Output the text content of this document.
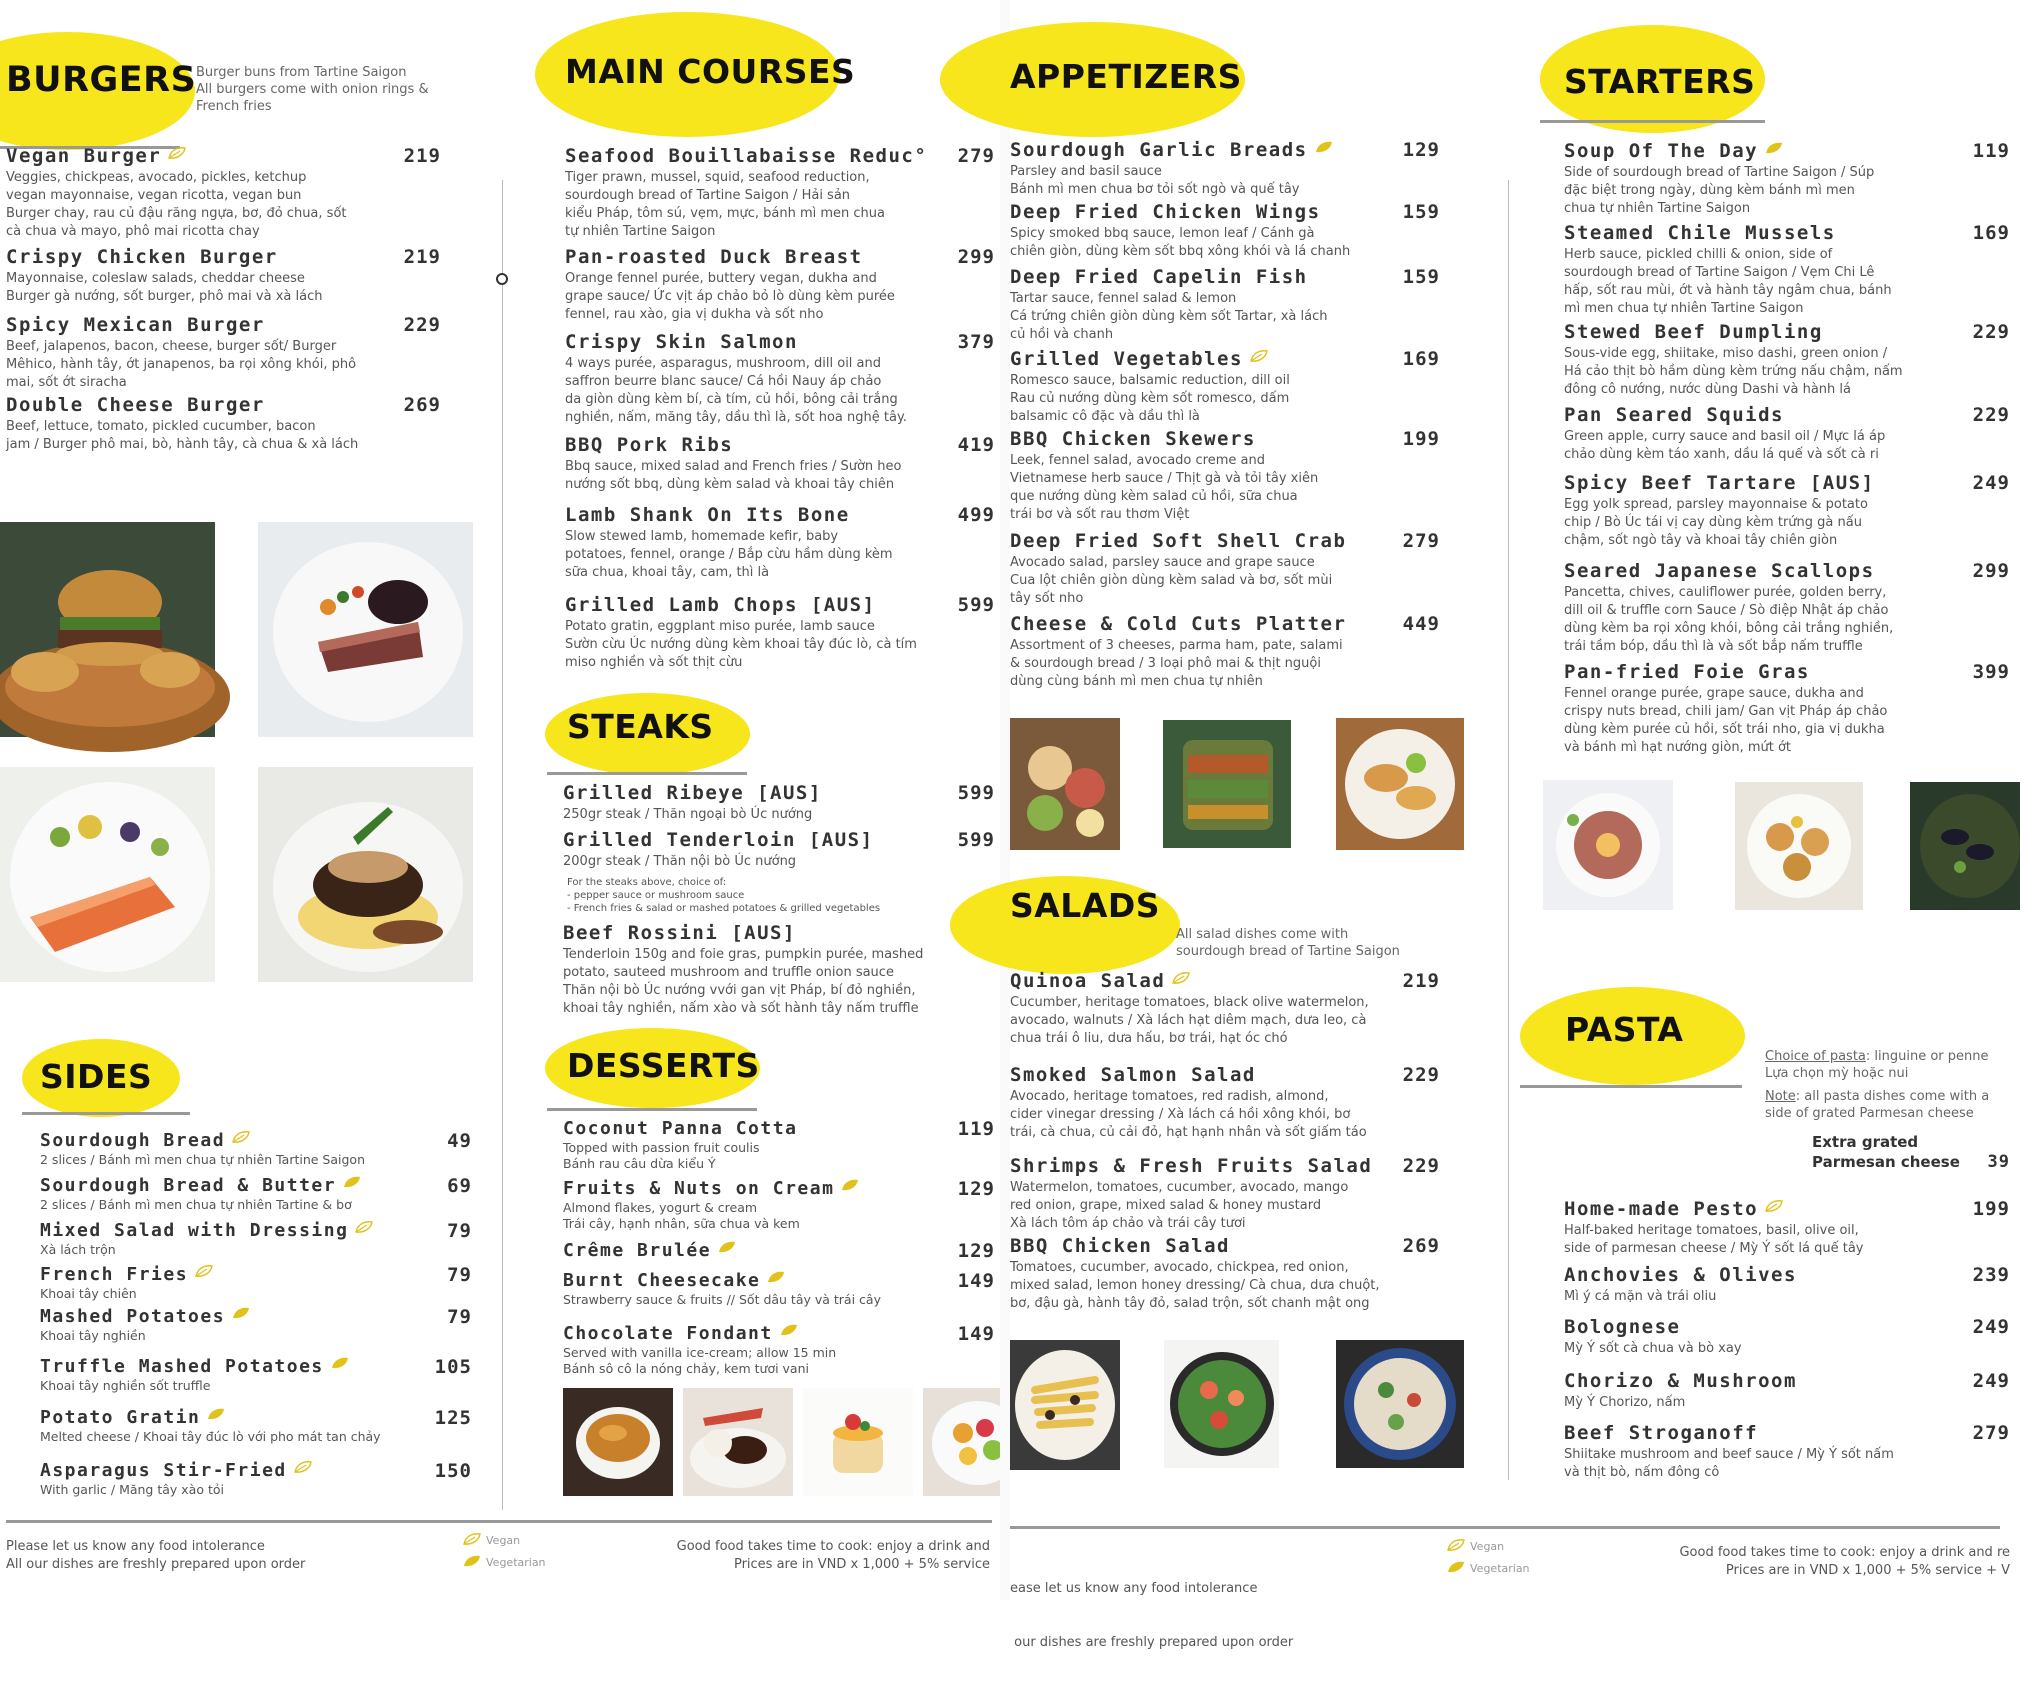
BURGERS Burger buns from Tartine Saigon
All burgers come with onion rings &
French fries
Vegan Burger	219
Veggies, chickpeas, avocado, pickles, ketchup
vegan mayonnaise, vegan ricotta, vegan bun
Burger chay, rau củ đậu răng ngựa, bơ, đỏ chua, sốt
cà chua và mayo, phô mai ricotta chay
Crispy Chicken Burger	219
Mayonnaise, coleslaw salads, cheddar cheese
Burger gà nướng, sốt burger, phô mai và xà lách
Spicy Mexican Burger	229
Beef, jalapenos, bacon, cheese, burger sốt/ Burger
Mêhico, hành tây, ớt janapenos, ba rọi xông khói, phô
mai, sốt ớt siracha
Double Cheese Burger	269
Beef, lettuce, tomato, pickled cucumber, bacon
jam / Burger phô mai, bò, hành tây, cà chua & xà lách
SIDES
Sourdough Bread	49
2 slices / Bánh mì men chua tự nhiên Tartine Saigon
Sourdough Bread & Butter	69
2 slices / Bánh mì men chua tự nhiên Tartine & bơ
Mixed Salad with Dressing	79
Xà lách trộn
French Fries	79
Khoai tây chiên
Mashed Potatoes	79
Khoai tây nghiền
Truffle Mashed Potatoes	105
Khoai tây nghiền sốt truffle
Potato Gratin	125
Melted cheese / Khoai tây đúc lò với pho mát tan chảy
Asparagus Stir-Fried	150
With garlic / Măng tây xào tỏi
MAIN COURSES
Seafood Bouillabaisse Reduc° 279
Tiger prawn, mussel, squid, seafood reduction,
sourdough bread of Tartine Saigon / Hải sản
kiểu Pháp, tôm sú, vẹm, mực, bánh mì men chua
tự nhiên Tartine Saigon
Pan-roasted Duck Breast	299
Orange fennel purée, buttery vegan, dukha and
grape sauce/ Ức vịt áp chảo bỏ lò dùng kèm purée
fennel, rau xào, gia vị dukha và sốt nho
Crispy Skin Salmon	379
4 ways purée, asparagus, mushroom, dill oil and
saffron beurre blanc sauce/ Cá hồi Nauy áp chảo
da giòn dùng kèm bí, cà tím, củ hồi, bông cải trắng
nghiền, nấm, măng tây, dầu thì là, sốt hoa nghệ tây.
BBQ Pork Ribs	419
Bbq sauce, mixed salad and French fries / Sườn heo
nướng sốt bbq, dùng kèm salad và khoai tây chiên
Lamb Shank On Its Bone	499
Slow stewed lamb, homemade kefir, baby
potatoes, fennel, orange / Bắp cừu hầm dùng kèm
sữa chua, khoai tây, cam, thì là
Grilled Lamb Chops [AUS]	599
Potato gratin, eggplant miso purée, lamb sauce
Sườn cừu Úc nướng dùng kèm khoai tây đúc lò, cà tím
miso nghiền và sốt thịt cừu
STEAKS
Grilled Ribeye [AUS]	599
250gr steak / Thăn ngoại bò Úc nướng
Grilled Tenderloin [AUS]	599
200gr steak / Thăn nội bò Úc nướng
Beef Rossini [AUS]
Tenderloin 150g and foie gras, pumpkin purée, mashed
potato, sauteed mushroom and truffle onion sauce
Thăn nội bò Úc nướng vvới gan vịt Pháp, bí đỏ nghiền,
khoai tây nghiền, nấm xào và sốt hành tây nấm truffle
For the steaks above, choice of:
- pepper sauce or mushroom sauce
- French fries & salad or mashed potatoes & grilled vegetables
DESSERTS
Coconut Panna Cotta	119
Topped with passion fruit coulis
Bánh rau câu dừa kiểu Ý
Fruits & Nuts on Cream	129
Almond flakes, yogurt & cream
Trái cây, hạnh nhân, sữa chua và kem
Crême Brulée	129
Burnt Cheesecake	149
Strawberry sauce & fruits // Sốt dâu tây và trái cây
Chocolate Fondant	149
Served with vanilla ice-cream; allow 15 min
Bánh sô cô la nóng chảy, kem tươi vani
Please let us know any food intolerance
All our dishes are freshly prepared upon order
Vegan
Vegetarian
Good food takes time to cook: enjoy a drink and
Prices are in VND x 1,000 + 5% service
APPETIZERS
Sourdough Garlic Breads	129
Parsley and basil sauce
Bánh mì men chua bơ tỏi sốt ngò và quế tây
Deep Fried Chicken Wings	159
Spicy smoked bbq sauce, lemon leaf / Cánh gà
chiên giòn, dùng kèm sốt bbq xông khói và lá chanh
Deep Fried Capelin Fish	159
Tartar sauce, fennel salad & lemon
Cá trứng chiên giòn dùng kèm sốt Tartar, xà lách
củ hồi và chanh
Grilled Vegetables	169
Romesco sauce, balsamic reduction, dill oil
Rau củ nướng dùng kèm sốt romesco, dấm
balsamic cô đặc và dầu thì là
BBQ Chicken Skewers	199
Leek, fennel salad, avocado creme and
Vietnamese herb sauce / Thịt gà và tỏi tây xiên
que nướng dùng kèm salad củ hồi, sữa chua
trái bơ và sốt rau thơm Việt
Deep Fried Soft Shell Crab	279
Avocado salad, parsley sauce and grape sauce
Cua lột chiên giòn dùng kèm salad và bơ, sốt mùi
tây sốt nho
Cheese & Cold Cuts Platter	449
Assortment of 3 cheeses, parma ham, pate, salami
& sourdough bread / 3 loại phô mai & thịt nguội
dùng cùng bánh mì men chua tự nhiên
SALADS
All salad dishes come with
sourdough bread of Tartine Saigon
Quinoa Salad	219
Cucumber, heritage tomatoes, black olive watermelon,
avocado, walnuts / Xà lách hạt diêm mạch, dưa leo, cà
chua trái ô liu, dưa hấu, bơ trái, hạt óc chó
Smoked Salmon Salad	229
Avocado, heritage tomatoes, red radish, almond,
cider vinegar dressing / Xà lách cá hồi xông khói, bơ
trái, cà chua, củ cải đỏ, hạt hạnh nhân và sốt giấm táo
Shrimps & Fresh Fruits Salad 229
Watermelon, tomatoes, cucumber, avocado, mango
red onion, grape, mixed salad & honey mustard
Xà lách tôm áp chảo và trái cây tươi
BBQ Chicken Salad	269
Tomatoes, cucumber, avocado, chickpea, red onion,
mixed salad, lemon honey dressing/ Cà chua, dưa chuột,
bơ, đậu gà, hành tây đỏ, salad trộn, sốt chanh mật ong
STARTERS
Soup Of The Day	119
Side of sourdough bread of Tartine Saigon / Súp
đặc biệt trong ngày, dùng kèm bánh mì men
chua tự nhiên Tartine Saigon
Steamed Chile Mussels	169
Herb sauce, pickled chilli & onion, side of
sourdough bread of Tartine Saigon / Vẹm Chi Lê
hấp, sốt rau mùi, ớt và hành tây ngâm chua, bánh
mì men chua tự nhiên Tartine Saigon
Stewed Beef Dumpling	229
Sous-vide egg, shiitake, miso dashi, green onion /
Há cảo thịt bò hầm dùng kèm trứng nấu chậm, nấm
đông cô nướng, nước dùng Dashi và hành lá
Pan Seared Squids	229
Green apple, curry sauce and basil oil / Mực lá áp
chảo dùng kèm táo xanh, dầu lá quế và sốt cà ri
Spicy Beef Tartare [AUS]	249
Egg yolk spread, parsley mayonnaise & potato
chip / Bò Úc tái vị cay dùng kèm trứng gà nấu
chậm, sốt ngò tây và khoai tây chiên giòn
Seared Japanese Scallops	299
Pancetta, chives, cauliflower purée, golden berry,
dill oil & truffle corn Sauce / Sò điệp Nhật áp chảo
dùng kèm ba rọi xông khói, bông cải trắng nghiền,
trái tầm bóp, dầu thì là và sốt bắp nấm truffle
Pan-fried Foie Gras	399
Fennel orange purée, grape sauce, dukha and
crispy nuts bread, chili jam/ Gan vịt Pháp áp chảo
dùng kèm purée củ hồi, sốt trái nho, gia vị dukha
và bánh mì hạt nướng giòn, mứt ớt
PASTA
Choice of pasta: linguine or penne
Lựa chọn mỳ hoặc nui
Note: all pasta dishes come with a
side of grated Parmesan cheese
Extra grated
Parmesan cheese	39
Home-made Pesto	199
Half-baked heritage tomatoes, basil, olive oil,
side of parmesan cheese / Mỳ Ý sốt lá quế tây
Anchovies & Olives	239
Mì ý cá mặn và trái oliu
Bolognese	249
Mỳ Ý sốt cà chua và bò xay
Chorizo & Mushroom	249
Mỳ Ý Chorizo, nấm
Beef Stroganoff	279
Shiitake mushroom and beef sauce / Mỳ Ý sốt nấm
và thịt bò, nấm đông cô

ease let us know any food intolerance

our dishes are freshly prepared upon order

Vegan
Vegetarian
Good food takes time to cook: enjoy a drink and re
Prices are in VND x 1,000 + 5% service + V
